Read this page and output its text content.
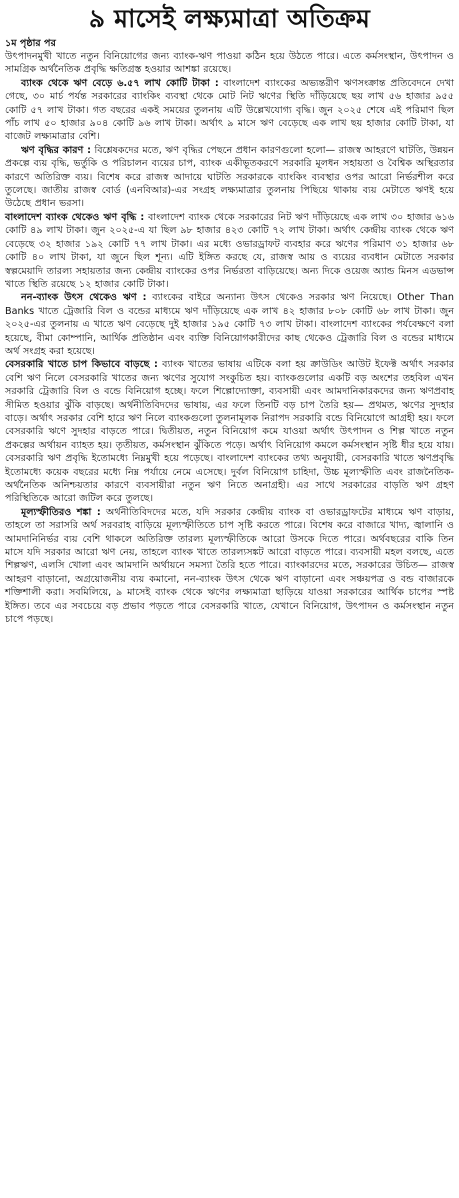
৯ মাসেই লক্ষ্যমাত্রা অতিক্রম

১ম পৃষ্ঠার পর

উৎপাদনমুখী খাতে নতুন বিনিয়োগের জন্য ব্যাংক-ঋণ পাওয়া কঠিন হয়ে উঠতে পারে। এতে কর্মসংস্থান, উৎপাদন ও সামগ্রিক অর্থনৈতিক প্রবৃদ্ধি ক্ষতিগ্রস্ত হওয়ার আশঙ্কা রয়েছে।

ব্যাংক থেকে ঋণ বেড়ে ৬.৫৭ লাখ কোটি টাকা : বাংলাদেশ ব্যাংকের অভ্যন্তরীণ ঋণসংক্রান্ত প্রতিবেদনে দেখা গেছে, ৩০ মার্চ পর্যন্ত সরকারের ব্যাংকিং ব্যবস্থা থেকে মোট নিট ঋণের স্থিতি দাঁড়িয়েছে ছয় লাখ ৫৬ হাজার ৯৫৫ কোটি ৫৭ লাখ টাকা। গত বছরের একই সময়ের তুলনায় এটি উল্লেখযোগ্য বৃদ্ধি। জুন ২০২৫ শেষে এই পরিমাণ ছিল পাঁচ লাখ ৫০ হাজার ৯০৪ কোটি ৯৬ লাখ টাকা। অর্থাৎ ৯ মাসে ঋণ বেড়েছে এক লাখ ছয় হাজার কোটি টাকা, যা বাজেট লক্ষ্যমাত্রার বেশি।

ঋণ বৃদ্ধির কারণ : বিশ্লেষকদের মতে, ঋণ বৃদ্ধির পেছনে প্রধান কারণগুলো হলো— রাজস্ব আহরণে ঘাটতি, উন্নয়ন প্রকল্পে ব্যয় বৃদ্ধি, ভর্তুকি ও পরিচালন ব্যয়ের চাপ, ব্যাংক একীভূতকরণে সরকারি মূলধন সহায়তা ও বৈশ্বিক অস্থিরতার কারণে অতিরিক্ত ব্যয়। বিশেষ করে রাজস্ব আদায়ে ঘাটতি সরকারকে ব্যাংকিং ব্যবস্থার ওপর আরো নির্ভরশীল করে তুলেছে। জাতীয় রাজস্ব বোর্ড (এনবিআর)-এর সংগ্রহ লক্ষ্যমাত্রার তুলনায় পিছিয়ে থাকায় ব্যয় মেটাতে ঋণই হয়ে উঠেছে প্রধান ভরসা।

বাংলাদেশ ব্যাংক থেকেও ঋণ বৃদ্ধি : বাংলাদেশ ব্যাংক থেকে সরকারের নিট ঋণ দাঁড়িয়েছে এক লাখ ৩০ হাজার ৬১৬ কোটি ৪৯ লাখ টাকা। জুন ২০২৫-এ যা ছিল ৯৮ হাজার ৪২৩ কোটি ৭২ লাখ টাকা। অর্থাৎ কেন্দ্রীয় ব্যাংক থেকে ঋণ বেড়েছে ৩২ হাজার ১৯২ কোটি ৭৭ লাখ টাকা। এর মধ্যে ওভারড্রাফট ব্যবহার করে ঋণের পরিমাণ ৩১ হাজার ৬৮ কোটি ৪০ লাখ টাকা, যা জুনে ছিল শূন্য। এটি ইঙ্গিত করছে যে, রাজস্ব আয় ও ব্যয়ের ব্যবধান মেটাতে সরকার স্বল্পমেয়াদি তারল্য সহায়তার জন্য কেন্দ্রীয় ব্যাংকের ওপর নির্ভরতা বাড়িয়েছে। অন্য দিকে ওয়েজ অ্যান্ড মিনস এডভান্স খাতে স্থিতি রয়েছে ১২ হাজার কোটি টাকা।

নন-ব্যাংক উৎস থেকেও ঋণ : ব্যাংকের বাইরে অন্যান্য উৎস থেকেও সরকার ঋণ নিয়েছে। Other Than Banks খাতে ট্রেজারি বিল ও বন্ডের মাধ্যমে ঋণ দাঁড়িয়েছে এক লাখ ৪২ হাজার ৮০৮ কোটি ৬৮ লাখ টাকা। জুন ২০২৫-এর তুলনায় এ খাতে ঋণ বেড়েছে দুই হাজার ১৯৫ কোটি ৭৩ লাখ টাকা। বাংলাদেশ ব্যাংকের পর্যবেক্ষণে বলা হয়েছে, বীমা কোম্পানি, আর্থিক প্রতিষ্ঠান এবং ব্যক্তি বিনিয়োগকারীদের কাছ থেকেও ট্রেজারি বিল ও বন্ডের মাধ্যমে অর্থ সংগ্রহ করা হয়েছে।

বেসরকারি খাতে চাপ কিভাবে বাড়ছে : ব্যাংক খাতের ভাষায় এটিকে বলা হয় ক্রাউডিং আউট ইফেক্ট অর্থাৎ সরকার বেশি ঋণ নিলে বেসরকারি খাতের জন্য ঋণের সুযোগ সংকুচিত হয়। ব্যাংকগুলোর একটি বড় অংশের তহবিল এখন সরকারি ট্রেজারি বিল ও বন্ডে বিনিয়োগ হচ্ছে। ফলে শিল্পোদ্যোক্তা, ব্যবসায়ী এবং আমদানিকারকদের জন্য ঋণপ্রবাহ সীমিত হওয়ার ঝুঁকি বাড়ছে। অর্থনীতিবিদদের ভাষায়, এর ফলে তিনটি বড় চাপ তৈরি হয়— প্রথমত, ঋণের সুদহার বাড়ে। অর্থাৎ সরকার বেশি হারে ঋণ নিলে ব্যাংকগুলো তুলনামূলক নিরাপদ সরকারি বন্ডে বিনিয়োগে আগ্রহী হয়। ফলে বেসরকারি ঋণে সুদহার বাড়তে পারে। দ্বিতীয়ত, নতুন বিনিয়োগ কমে যাওয়া অর্থাৎ উৎপাদন ও শিল্প খাতে নতুন প্রকল্পের অর্থায়ন ব্যাহত হয়। তৃতীয়ত, কর্মসংস্থান ঝুঁকিতে পড়ে। অর্থাৎ বিনিয়োগ কমলে কর্মসংস্থান সৃষ্টি ধীর হয়ে যায়। বেসরকারি ঋণ প্রবৃদ্ধি ইতোমধ্যে নিম্নমুখী হয়ে পড়েছে। বাংলাদেশ ব্যাংকের তথ্য অনুযায়ী, বেসরকারি খাতে ঋণপ্রবৃদ্ধি ইতোমধ্যে কয়েক বছরের মধ্যে নিম্ন পর্যায়ে নেমে এসেছে। দুর্বল বিনিয়োগ চাহিদা, উচ্চ মূল্যস্ফীতি এবং রাজনৈতিক-অর্থনৈতিক অনিশ্চয়তার কারণে ব্যবসায়ীরা নতুন ঋণ নিতে অনাগ্রহী। এর সাথে সরকারের বাড়তি ঋণ গ্রহণ পরিস্থিতিকে আরো জটিল করে তুলছে।

মূল্যস্ফীতিরও শঙ্কা : অর্থনীতিবিদদের মতে, যদি সরকার কেন্দ্রীয় ব্যাংক বা ওভারড্রাফটের মাধ্যমে ঋণ বাড়ায়, তাহলে তা সরাসরি অর্থ সরবরাহ বাড়িয়ে মূল্যস্ফীতিতে চাপ সৃষ্টি করতে পারে। বিশেষ করে বাজারে খাদ্য, জ্বালানি ও আমদানিনির্ভর ব্যয় বেশি থাকলে অতিরিক্ত তারল্য মূল্যস্ফীতিকে আরো উসকে দিতে পারে। অর্থবছরের বাকি তিন মাসে যদি সরকার আরো ঋণ নেয়, তাহলে ব্যাংক খাতে তারল্যসঙ্কট আরো বাড়তে পারে। ব্যবসায়ী মহল বলছে, এতে শিল্পঋণ, এলসি খোলা এবং আমদানি অর্থায়নে সমস্যা তৈরি হতে পারে। ব্যাংকারদের মতে, সরকারের উচিত— রাজস্ব আহরণ বাড়ানো, অগ্রয়োজনীয় ব্যয় কমানো, নন-ব্যাংক উৎস থেকে ঋণ বাড়ানো এবং সঞ্চয়পত্র ও বন্ড বাজারকে শক্তিশালী করা। সবমিলিয়ে, ৯ মাসেই ব্যাংক থেকে ঋণের লক্ষ্যমাত্রা ছাড়িয়ে যাওয়া সরকারের আর্থিক চাপের স্পষ্ট ইঙ্গিত। তবে এর সবচেয়ে বড় প্রভাব পড়তে পারে বেসরকারি খাতে, যেখানে বিনিয়োগ, উৎপাদন ও কর্মসংস্থান নতুন চাপে পড়ছে।
